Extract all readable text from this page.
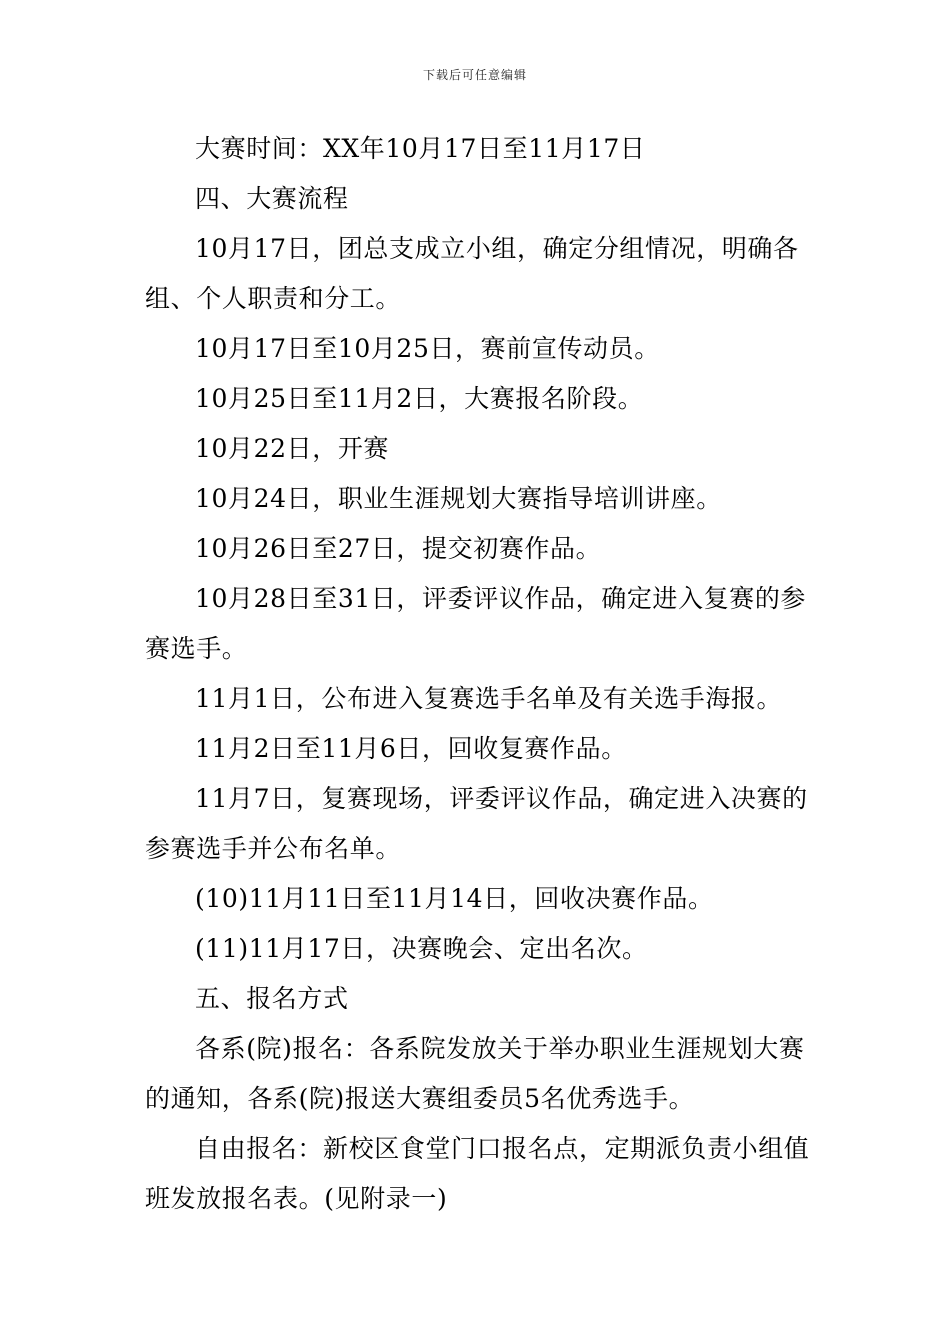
下载后可任意编辑

大赛时间：XX年10月17日至11月17日

四、大赛流程

10月17日，团总支成立小组，确定分组情况，明确各组、个人职责和分工。

10月17日至10月25日，赛前宣传动员。

10月25日至11月2日，大赛报名阶段。

10月22日，开赛

10月24日，职业生涯规划大赛指导培训讲座。

10月26日至27日，提交初赛作品。

10月28日至31日，评委评议作品，确定进入复赛的参赛选手。

11月1日，公布进入复赛选手名单及有关选手海报。

11月2日至11月6日，回收复赛作品。

11月7日，复赛现场，评委评议作品，确定进入决赛的参赛选手并公布名单。

(10)11月11日至11月14日，回收决赛作品。

(11)11月17日，决赛晚会、定出名次。

五、报名方式

各系(院)报名：各系院发放关于举办职业生涯规划大赛的通知，各系(院)报送大赛组委员5名优秀选手。

自由报名：新校区食堂门口报名点，定期派负责小组值班发放报名表。(见附录一)
